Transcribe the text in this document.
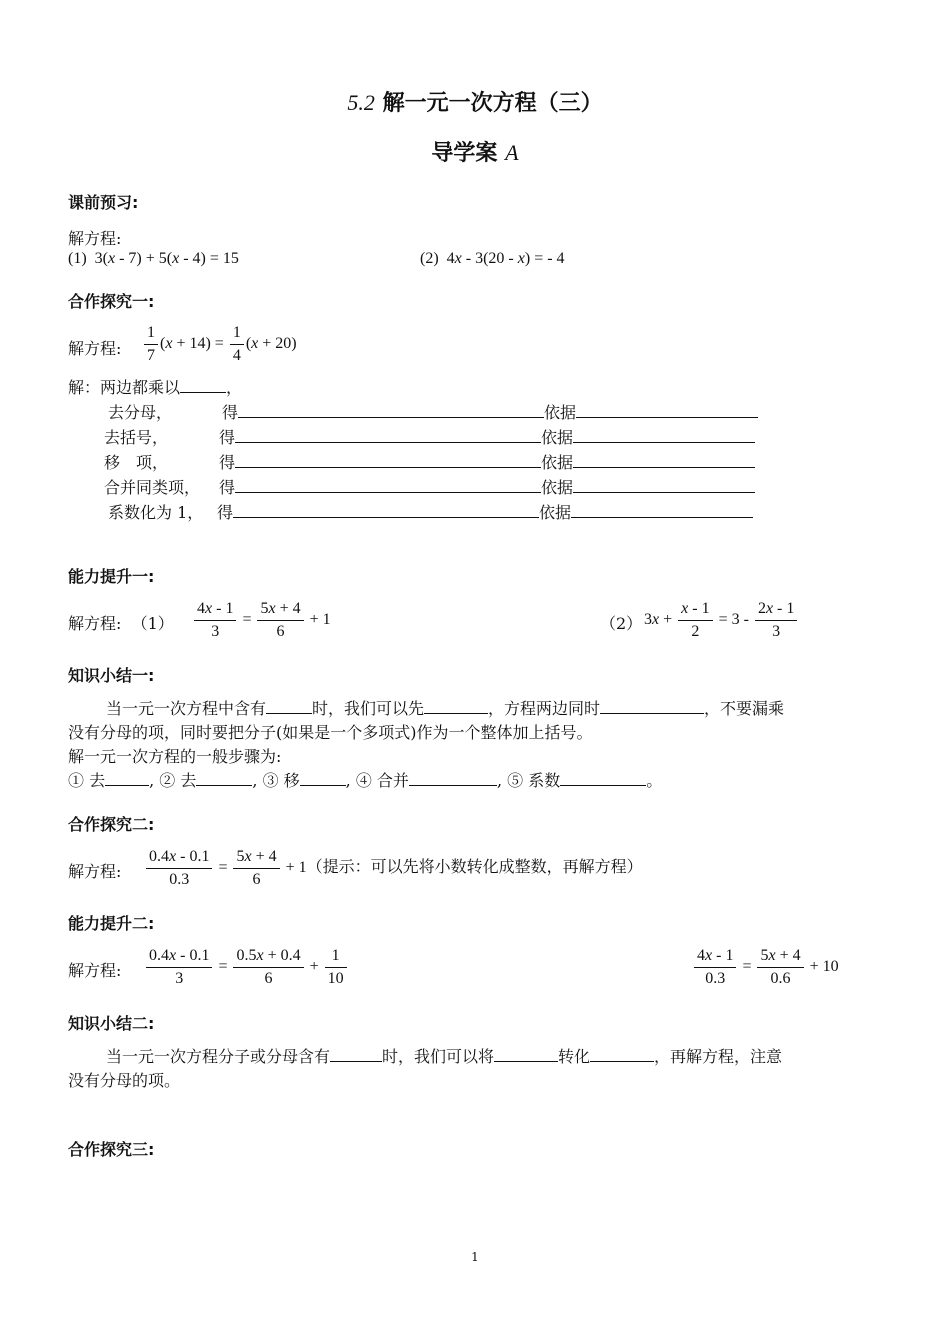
5.2 解一元一次方程（三）
导学案 A
课前预习:
解方程:
(1)  3(x - 7) + 5(x - 4) = 15	(2)  4x - 3(20 - x) = - 4
合作探究一:
解方程: $\frac{1}{7} (x + 14) = \frac{1}{4} (x + 20)$
解：两边都乘以	，
去分母，	得	依据
去括号，	得	依据
移　项，	得	依据
合并同类项， 得	依据
系数化为 1， 得	依据
能力提升一:
解方程: $(1) \frac{4x - 1}{3} = \frac{5x + 4}{6} + 1$	（2） $3x + \frac{x - 1}{2} = 3 - \frac{2x - 1}{3}$
知识小结一:
当一元一次方程中含有	时，我们可以先	，方程两边同时	，不要漏乘
没有分母的项，同时要把分子(如果是一个多项式)作为一个整体加上括号。
解一元一次方程的一般步骤为:
① 去	, ② 去	, ③ 移	, ④ 合并	, ⑤ 系数	。
合作探究二:
解方程: $\frac{0.4x - 0.1}{0.3} = \frac{5x + 4}{6} + 1$（提示：可以先将小数转化成整数，再解方程）
能力提升二:
解方程: $\frac{0.4x - 0.1}{3} = \frac{0.5x + 0.4}{6} + \frac{1}{10}$	$\frac{4x - 1}{0.3} = \frac{5x + 4}{0.6} + 10$
知识小结二:
当一元一次方程分子或分母含有	时，我们可以将	转化	，再解方程，注意
没有分母的项。
合作探究三:
1
